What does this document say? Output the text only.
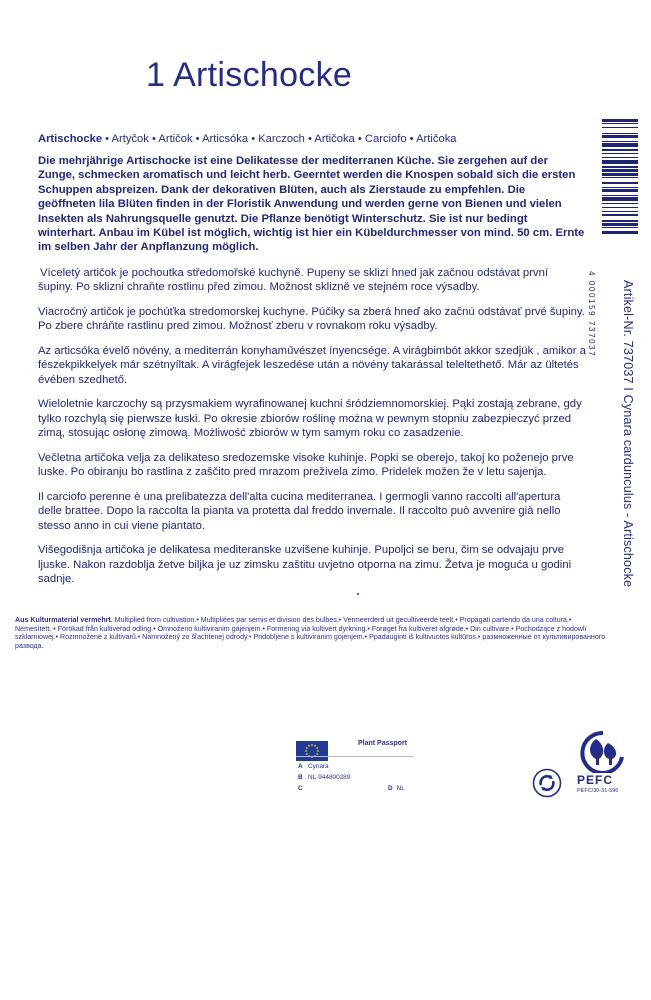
1 Artischocke
Artischocke • Artyčok • Artičok • Articsóka • Karczoch • Artičoka • Carciofo • Artičoka

Die mehrjährige Artischocke ist eine Delikatesse der mediterranen Küche. Sie zergehen auf der Zunge, schmecken aromatisch und leicht herb. Geerntet werden die Knospen sobald sich die ersten Schuppen abspreizen. Dank der dekorativen Blüten, auch als Zierstaude zu empfehlen. Die geöffneten lila Blüten finden in der Floristik Anwendung und werden gerne von Bienen und vielen Insekten als Nahrungsquelle genutzt. Die Pflanze benötigt Winterschutz. Sie ist nur bedingt winterhart. Anbau im Kübel ist möglich, wichtig ist hier ein Kübeldurchmesser von mind. 50 cm. Ernte im selben Jahr der Anpflanzung möglich.

Víceletý artičok je pochoutka středomořské kuchyně. Pupeny se sklizí hned jak začnou odstávat první šupiny. Po sklizni chraňte rostlinu před zimou. Možnost sklizně ve stejném roce výsadby.

Viacročný artičok je pochúťka stredomorskej kuchyne. Púčiky sa zberá hneď ako začnú odstávať prvé šupiny. Po zbere chráňte rastlinu pred zimou. Možnosť zberu v rovnakom roku výsadby.

Az articsóka évelő növény, a mediterrán konyhaművészet ínyencsége. A virágbimbót akkor szedjük , amikor a fészekpikkelyek már szétnyíltak. A virágfejek leszedése után a növény takarással teleltethető. Már az ültetés évében szedhető.

Wieloletnie karczochy są przysmakiem wyrafinowanej kuchni śródziemnomorskiej. Pąki zostają zebrane, gdy tylko rozchylą się pierwsze łuski. Po okresie zbiorów roślinę można w pewnym stopniu zabezpieczyć przed zimą, stosując osłonę zimową. Możliwość zbiorów w tym samym roku co zasadzenie.

Večletna artičoka velja za delikateso sredozemske visoke kuhinje. Popki se oberejo, takoj ko poženejo prve luske. Po obiranju bo rastlina z zaščito pred mrazom preživela zimo. Pridelek možen že v letu sajenja.

Il carciofo perenne è una prelibatezza dell'alta cucina mediterranea. I germogli vanno raccolti all'apertura delle brattee. Dopo la raccolta la pianta va protetta dal freddo invernale. Il raccolto può avvenire già nello stesso anno in cui viene piantato.

Višegodišnja artičoka je delikatesa mediteranske uzvišene kuhinje. Pupoljci se beru, čim se odvajaju prve ljuske. Nakon razdoblja žetve biljka je uz zimsku zaštitu uvjetno otporna na zimu. Žetva je moguća u godini sadnje.

Aus Kulturmaterial vermehrt. Multiplied from cultivation.• Multipliées par semis et division des bulbes.• Vermeerderd uit gecultiveerde teelt.• Propagati partendo da una coltura.• Nemesített. • Förökad från kultiverad odling.• Omnoženo kultiviranim gajenjem.• Formering via kultivert dyrkning.• Forøget fra kultiveret afgrøde.• Din cultivare.• Pochodzące z hodowli szklarniowej.• Rozmnožené z kultivarů.• Namnožený zo šľachtenej odrody.• Pridobljene s kultiviranim gojenjem.• Ppadauginti iš kultivuotos kultūros.• размноженные от культивированного развода.
4 000159 737037 Artikel-Nr. 737037 I Cynara cardunculus - Artischocke
Plant Passport
A Cynara
B NL-944800289
C	D NL
PEFC
PEFC/30-31-596
